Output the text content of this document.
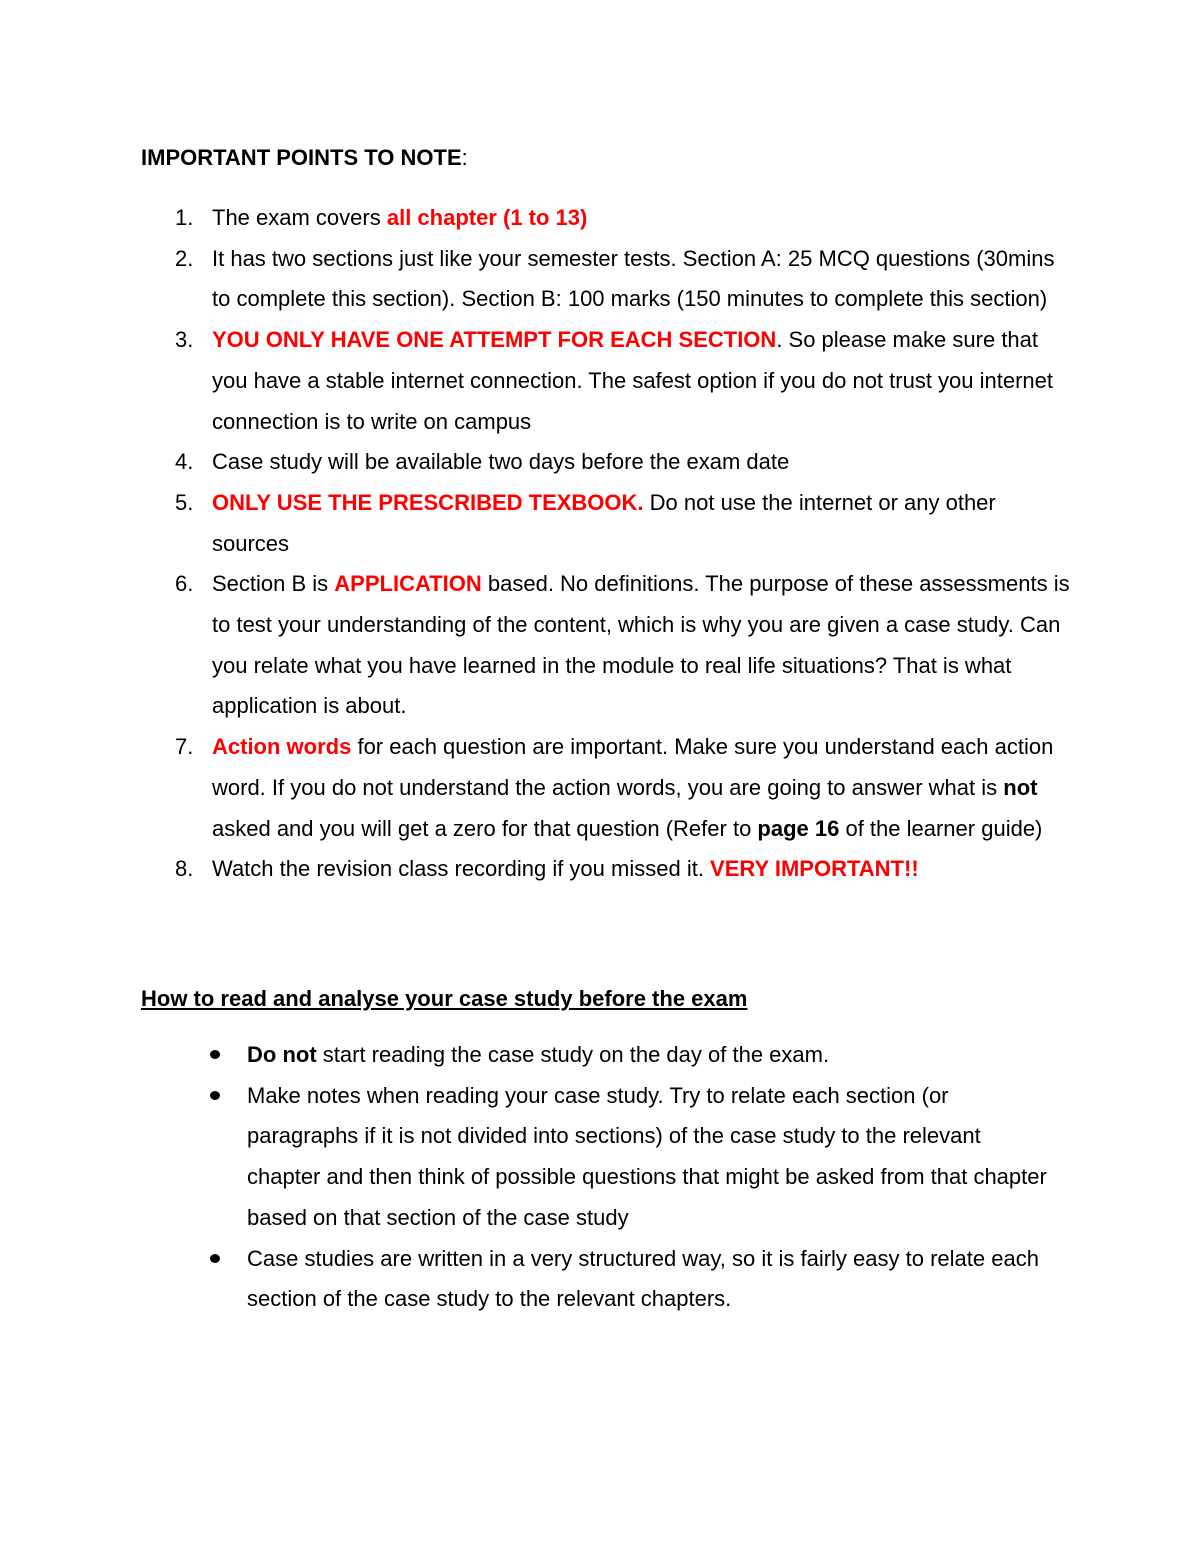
IMPORTANT POINTS TO NOTE:
1. The exam covers all chapter (1 to 13)
2. It has two sections just like your semester tests. Section A: 25 MCQ questions (30mins to complete this section). Section B: 100 marks (150 minutes to complete this section)
3. YOU ONLY HAVE ONE ATTEMPT FOR EACH SECTION. So please make sure that you have a stable internet connection. The safest option if you do not trust you internet connection is to write on campus
4. Case study will be available two days before the exam date
5. ONLY USE THE PRESCRIBED TEXBOOK. Do not use the internet or any other sources
6. Section B is APPLICATION based. No definitions. The purpose of these assessments is to test your understanding of the content, which is why you are given a case study. Can you relate what you have learned in the module to real life situations? That is what application is about.
7. Action words for each question are important. Make sure you understand each action word. If you do not understand the action words, you are going to answer what is not asked and you will get a zero for that question (Refer to page 16 of the learner guide)
8. Watch the revision class recording if you missed it. VERY IMPORTANT!!
How to read and analyse your case study before the exam
Do not start reading the case study on the day of the exam.
Make notes when reading your case study. Try to relate each section (or paragraphs if it is not divided into sections) of the case study to the relevant chapter and then think of possible questions that might be asked from that chapter based on that section of the case study
Case studies are written in a very structured way, so it is fairly easy to relate each section of the case study to the relevant chapters.
